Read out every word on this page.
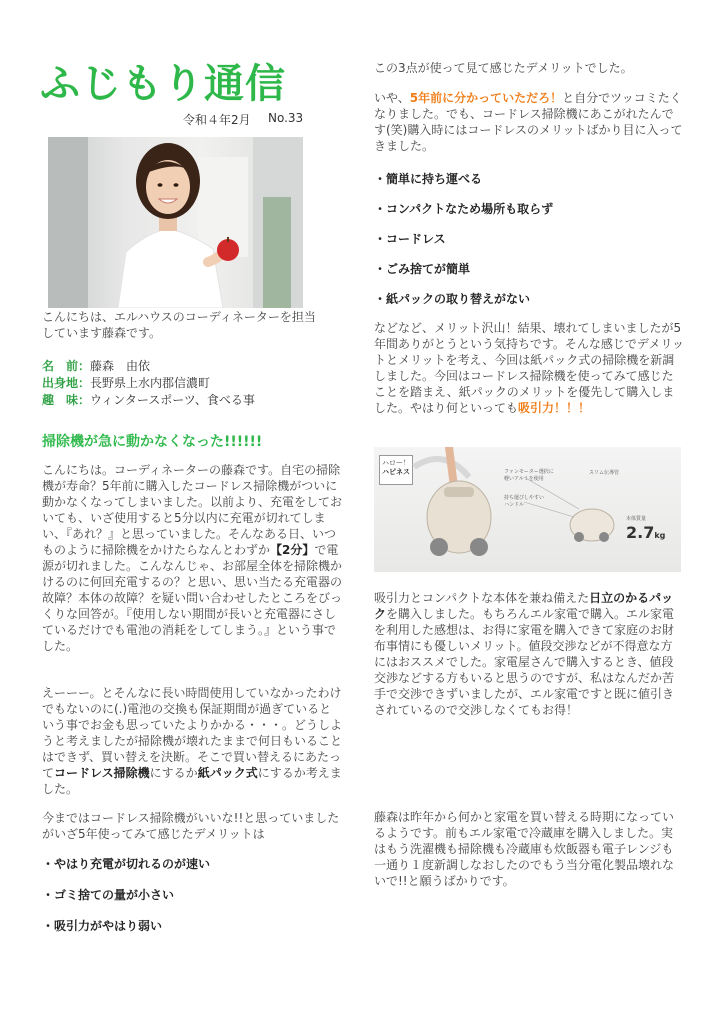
ふじもり通信
令和４年2月 No.33
こんにちは、エルハウスのコーディネーターを担当しています藤森です。
名　前：藤森　由依
出身地：長野県上水内郡信濃町
趣　味：ウィンタースポーツ、食べる事
掃除機が急に動かなくなった!!!!!!
こんにちは。コーディネーターの藤森です。自宅の掃除機が寿命？5年前に購入したコードレス掃除機がついに動かなくなってしまいました。以前より、充電をしておいても、いざ使用すると5分以内に充電が切れてしまい、『あれ？』と思っていました。そんなある日、いつものように掃除機をかけたらなんとわずか【2分】で電源が切れました。こんなんじゃ、お部屋全体を掃除機かけるのに何回充電するの？と思い、思い当たる充電器の故障？本体の故障？を疑い問い合わせしたところをびっくりな回答が。『使用しない期間が長いと充電器にさしているだけでも電池の消耗をしてしまう。』という事でした。
えーーー。とそんなに長い時間使用していなかったわけでもないのに(.)電池の交換も保証期間が過ぎているという事でお金も思っていたよりかかる・・・。どうしようと考えましたが掃除機が壊れたままで何日もいることはできず、買い替えを決断。そこで買い替えるにあたってコードレス掃除機にするか紙パック式にするか考えました。
今まではコードレス掃除機がいいな!!と思っていましたがいざ5年使ってみて感じたデメリットは
・やはり充電が切れるのが速い
・ゴミ捨ての量が小さい
・吸引力がやはり弱い
この3点が使って見て感じたデメリットでした。
いや、5年前に分かっていただろ！と自分でツッコミたくなりました。でも、コードレス掃除機にあこがれたんです(笑)購入時にはコードレスのメリットばかり目に入ってきました。
・簡単に持ち運べる
・コンパクトなため場所も取らず
・コードレス
・ごみ捨てが簡単
・紙パックの取り替えがない
などなど、メリット沢山！結果、壊れてしまいましたが5年間ありがとうという気持ちです。そんな感じでデメリットとメリットを考え、今回は紙パック式の掃除機を新調しました。今回はコードレス掃除機を使ってみて感じたことを踏まえ、紙パックのメリットを優先して購入しました。やはり何といっても吸引力！！！
ハロー！
ハピネス	ファンモーター選択に
軽いアルミを使用
持ち運びしやすい
ハンドル
スリム伝導管
本体質量
2.7kg
吸引力とコンパクトな本体を兼ね備えた日立のかるパックを購入しました。もちろんエル家電で購入。エル家電を利用した感想は、お得に家電を購入できて家庭のお財布事情にも優しいメリット。値段交渉などが不得意な方にはおススメでした。家電屋さんで購入するとき、値段交渉などする方もいると思うのですが、私はなんだか苦手で交渉できずいましたが、エル家電ですと既に値引きされているので交渉しなくてもお得！
藤森は昨年から何かと家電を買い替える時期になっているようです。前もエル家電で冷蔵庫を購入しました。実はもう洗濯機も掃除機も冷蔵庫も炊飯器も電子レンジも一通り１度新調しなおしたのでもう当分電化製品壊れないで!!と願うばかりです。
